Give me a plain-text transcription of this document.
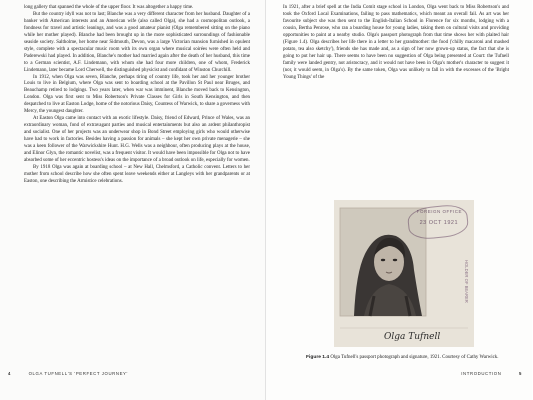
long gallery that spanned the whole of the upper floor. It was altogether a happy time.

But the country idyll was not to last; Blanche was a very different character from her husband. Daughter of a banker with American interests and an American wife (also called Olga), she had a cosmopolitan outlook, a fondness for travel and artistic leanings, and was a good amateur pianist (Olga remembered sitting on the piano while her mother played). Blanche had been brought up in the more sophisticated surroundings of fashionable seaside society. Saltholme, her home near Sidmouth, Devon, was a large Victorian mansion furnished in opulent style, complete with a spectacular music room with its own organ where musical soirées were often held and Paderewski had played. In addition, Blanche's mother had married again after the death of her husband, this time to a German scientist, A.F. Lindemann, with whom she had four more children, one of whom, Frederick Lindemann, later became Lord Cherwell, the distinguished physicist and confidant of Winston Churchill.

In 1912, when Olga was seven, Blanche, perhaps tiring of country life, took her and her younger brother Louis to live in Belgium, where Olga was sent to boarding school at the Pavillon St Paul near Bruges, and Beauchamp retired to lodgings. Two years later, when war was imminent, Blanche moved back to Kensington, London. Olga was first sent to Miss Robertson's Private Classes for Girls in South Kensington, and then despatched to live at Easton Lodge, home of the notorious Daisy, Countess of Warwick, to share a governess with Mercy, the youngest daughter.

At Easton Olga came into contact with an exotic lifestyle. Daisy, friend of Edward, Prince of Wales, was an extraordinary woman, fond of extravagant parties and musical entertainments but also an ardent philanthropist and socialist. One of her projects was an underwear shop in Bond Street employing girls who would otherwise have had to work in factories. Besides having a passion for animals – she kept her own private menagerie – she was a keen follower of the Warwickshire Hunt. H.G. Wells was a neighbour, often producing plays at the house, and Elinor Glyn, the romantic novelist, was a frequent visitor. It would have been impossible for Olga not to have absorbed some of her eccentric hostess's ideas on the importance of a broad outlook on life, especially for women.

By 1918 Olga was again at boarding school – at New Hall, Chelmsford, a Catholic convent. Letters to her mother from school describe how she often spent leave weekends either at Langleys with her grandparents or at Easton, one describing the Armistice celebrations.

4	OLGA TUFNELL'S 'PERFECT JOURNEY'

In 1921, after a brief spell at the India Comit stage school in London, Olga went back to Miss Robertson's and took the Oxford Local Examinations, failing to pass mathematics, which meant an overall fail. As art was her favourite subject she was then sent to the English-Italian School in Florence for six months, lodging with a cousin, Bertha Penrose, who ran a boarding house for young ladies, taking them on cultural visits and providing opportunities to paint at a nearby studio. Olga's passport photograph from that time shows her with plaited hair (Figure 1.4). Olga describes her life there in a letter to her grandmother: the food ('chilly macaroni and mashed potato, tea also sketchy'), friends she has made and, as a sign of her now grown-up status, the fact that she is going to put her hair up. There seems to have been no suggestion of Olga being presented at Court: the Tufnell family were landed gentry, not aristocracy, and it would not have been in Olga's mother's character to suggest it (nor, it would seem, in Olga's). By the same token, Olga was unlikely to fall in with the excesses of the 'Bright Young Things' of the

Olga Tufnell
HOLDER OF BEARER
FOREIGN OFFICE
23 OCT 1921
Figure 1.4 Olga Tufnell's passport photograph and signature, 1921. Courtesy of Cathy Warwick.
INTRODUCTION	5
